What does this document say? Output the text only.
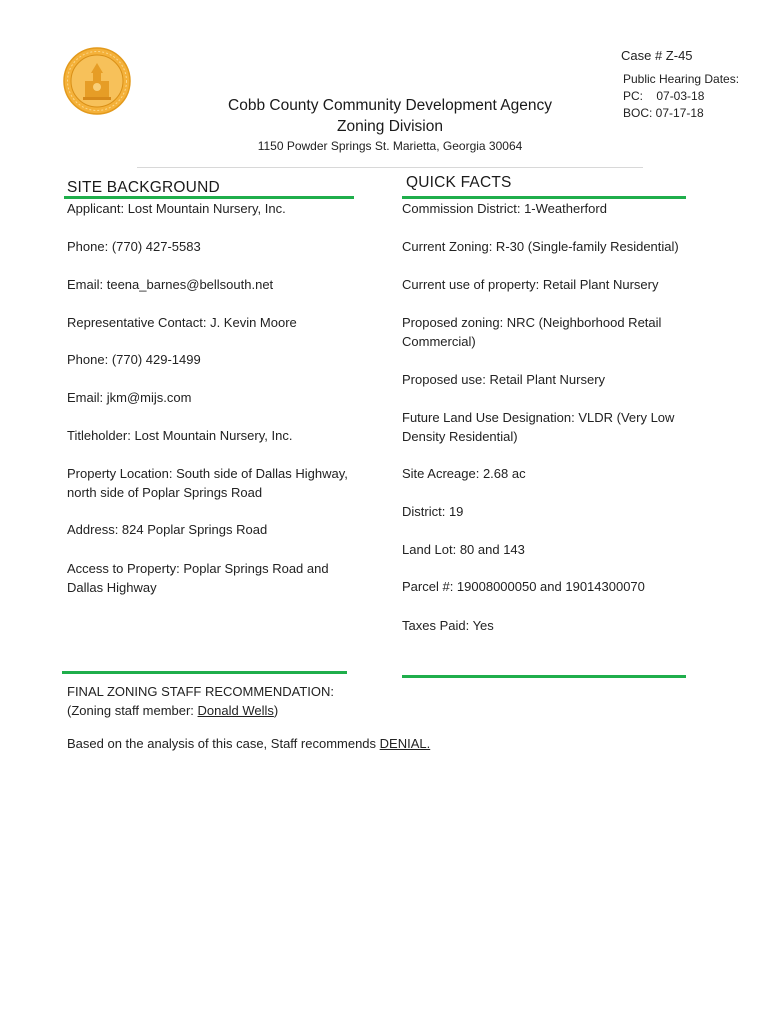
Cobb County Community Development Agency
Zoning Division
1150 Powder Springs St. Marietta, Georgia 30064
Case # Z-45
Public Hearing Dates:
PC:    07-03-18
BOC: 07-17-18
SITE BACKGROUND
Applicant: Lost Mountain Nursery, Inc.
Phone: (770) 427-5583
Email: teena_barnes@bellsouth.net
Representative Contact: J. Kevin Moore
Phone: (770) 429-1499
Email: jkm@mijs.com
Titleholder: Lost Mountain Nursery, Inc.
Property Location: South side of Dallas Highway,
north side of Poplar Springs Road
Address: 824 Poplar Springs Road
Access to Property: Poplar Springs Road and
Dallas Highway
QUICK FACTS
Commission District: 1-Weatherford
Current Zoning: R-30 (Single-family Residential)
Current use of property: Retail Plant Nursery
Proposed zoning: NRC (Neighborhood Retail
Commercial)
Proposed use: Retail Plant Nursery
Future Land Use Designation: VLDR (Very Low
Density Residential)
Site Acreage: 2.68 ac
District: 19
Land Lot: 80 and 143
Parcel #: 19008000050 and 19014300070
Taxes Paid: Yes
FINAL ZONING STAFF RECOMMENDATION:
(Zoning staff member: Donald Wells)
Based on the analysis of this case, Staff recommends DENIAL.
